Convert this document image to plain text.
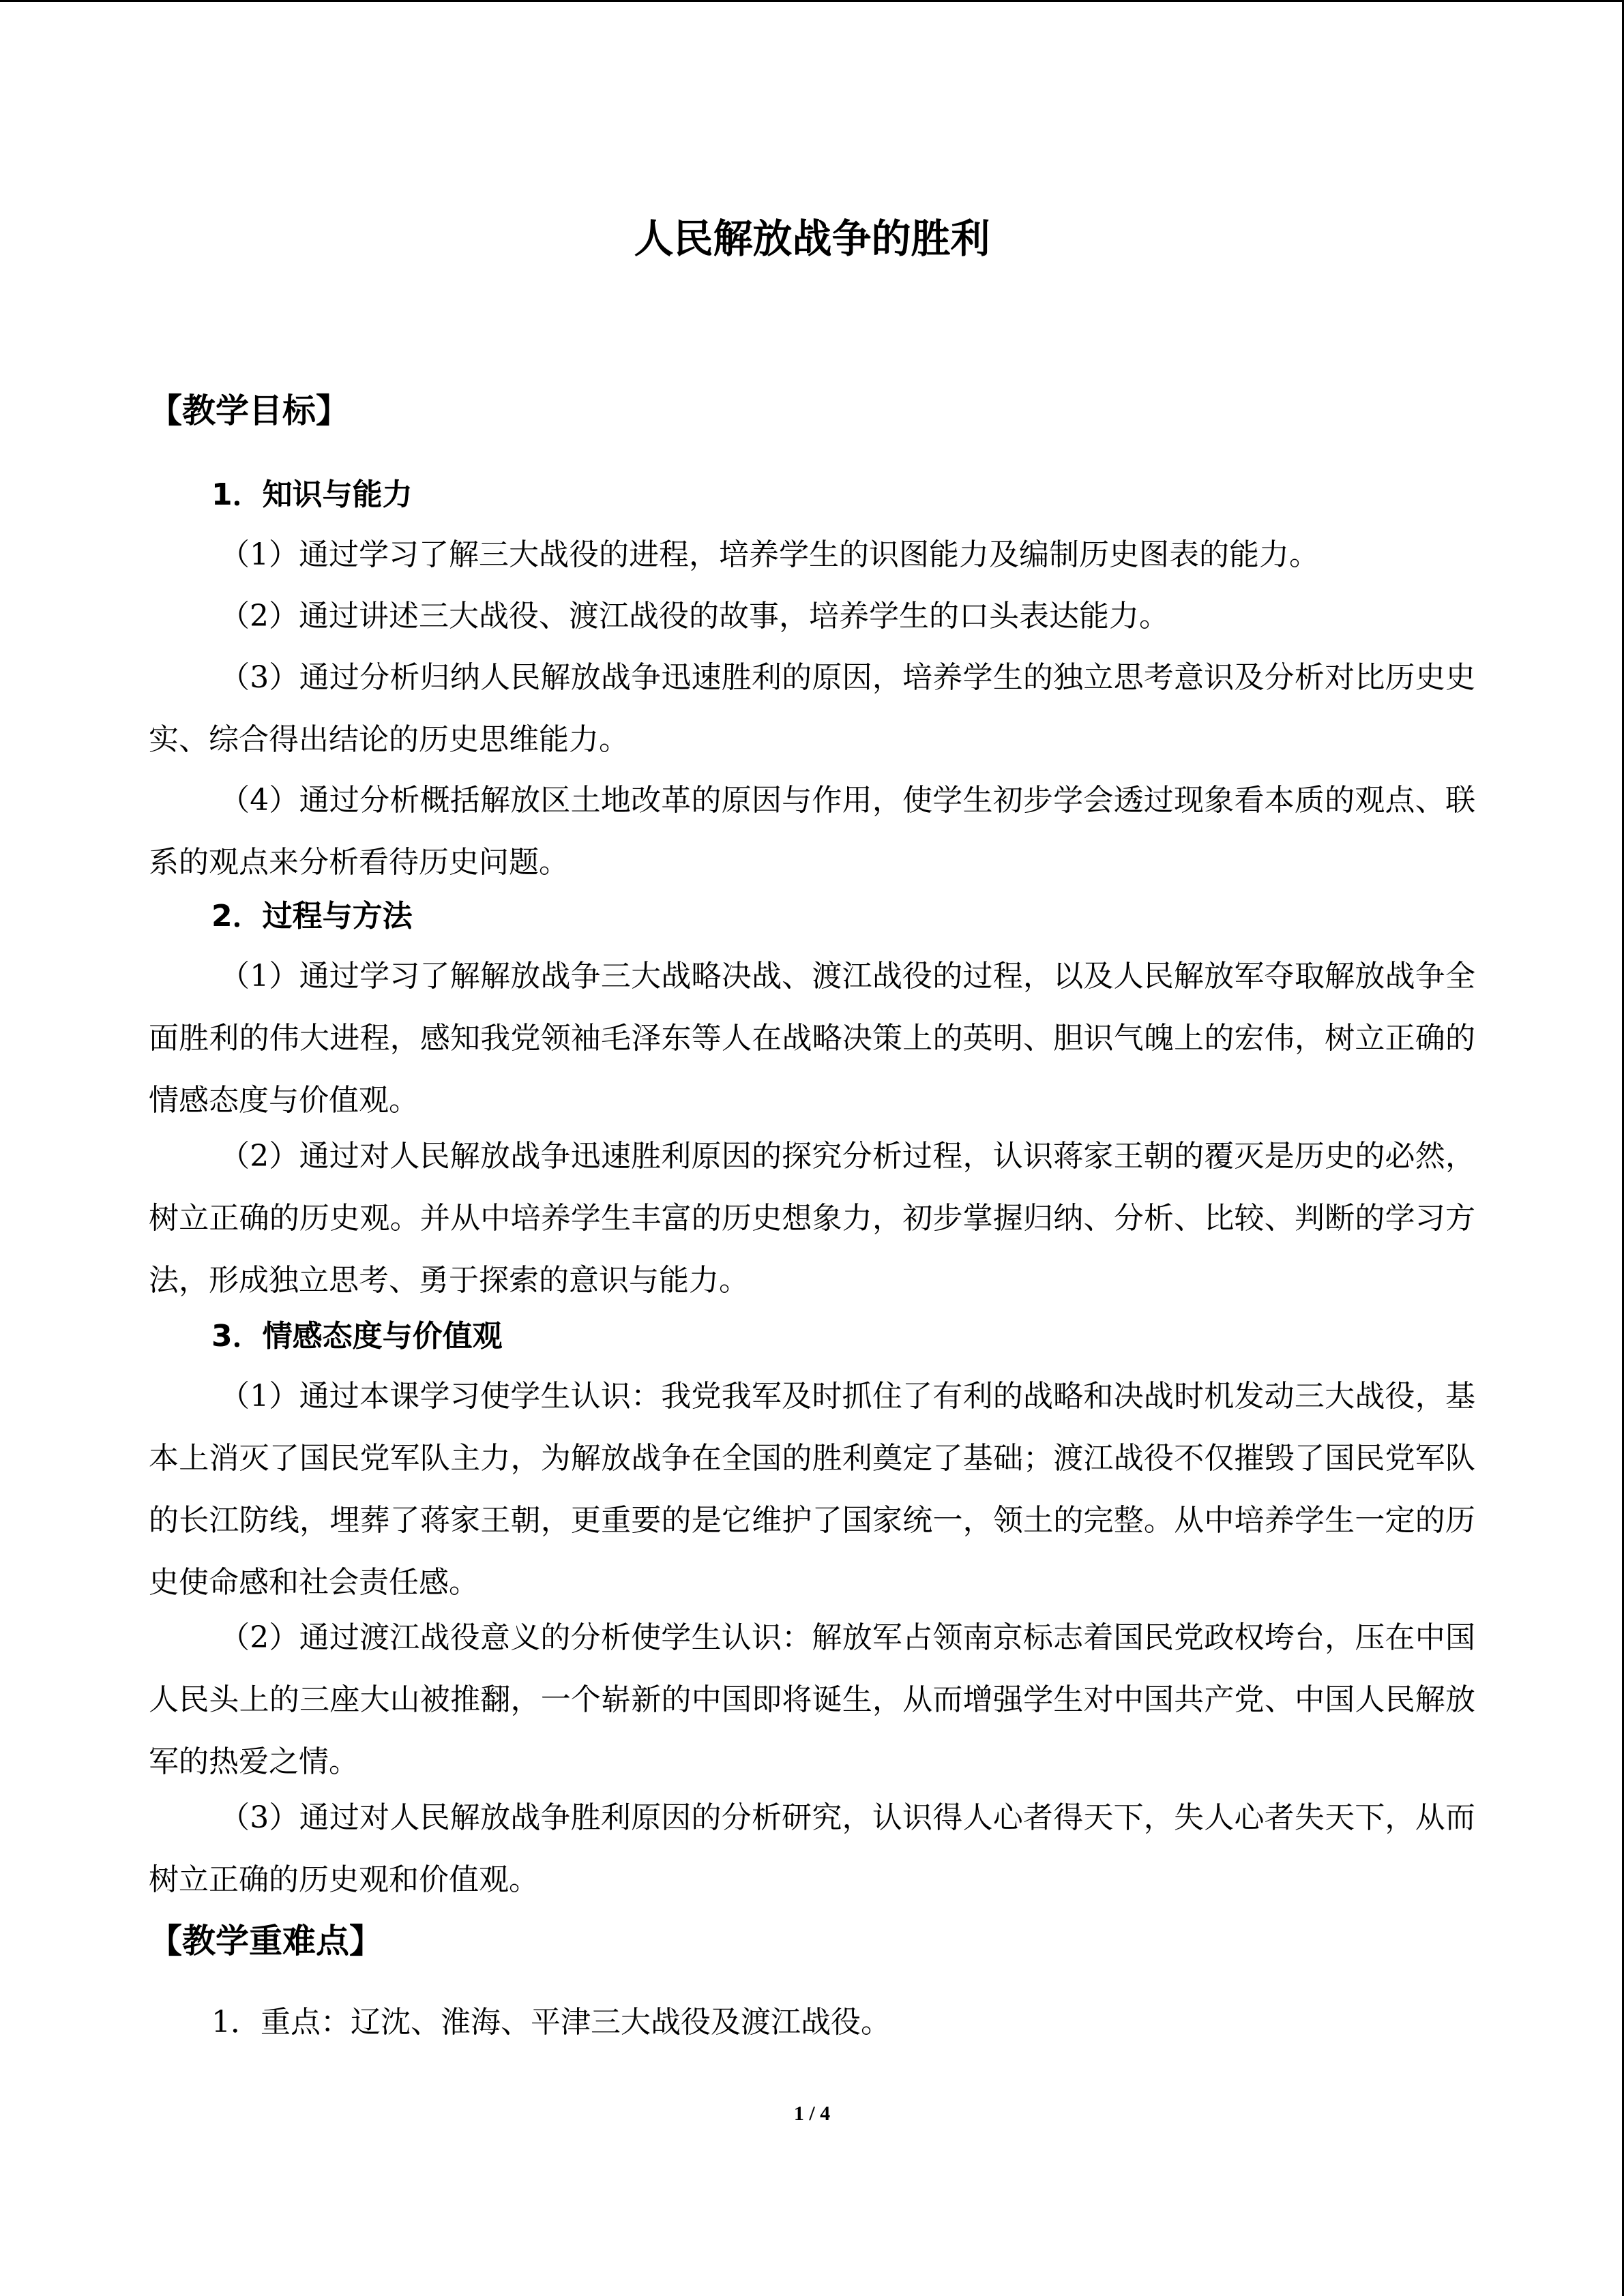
人民解放战争的胜利
【教学目标】
1．知识与能力

（1）通过学习了解三大战役的进程，培养学生的识图能力及编制历史图表的能力。

（2）通过讲述三大战役、渡江战役的故事，培养学生的口头表达能力。

（3）通过分析归纳人民解放战争迅速胜利的原因，培养学生的独立思考意识及分析对比历史史实、综合得出结论的历史思维能力。

（4）通过分析概括解放区土地改革的原因与作用，使学生初步学会透过现象看本质的观点、联系的观点来分析看待历史问题。

2．过程与方法

（1）通过学习了解解放战争三大战略决战、渡江战役的过程，以及人民解放军夺取解放战争全面胜利的伟大进程，感知我党领袖毛泽东等人在战略决策上的英明、胆识气魄上的宏伟，树立正确的情感态度与价值观。

（2）通过对人民解放战争迅速胜利原因的探究分析过程，认识蒋家王朝的覆灭是历史的必然，树立正确的历史观。并从中培养学生丰富的历史想象力，初步掌握归纳、分析、比较、判断的学习方法，形成独立思考、勇于探索的意识与能力。

3．情感态度与价值观

（1）通过本课学习使学生认识：我党我军及时抓住了有利的战略和决战时机发动三大战役，基本上消灭了国民党军队主力，为解放战争在全国的胜利奠定了基础；渡江战役不仅摧毁了国民党军队的长江防线，埋葬了蒋家王朝，更重要的是它维护了国家统一，领土的完整。从中培养学生一定的历史使命感和社会责任感。

（2）通过渡江战役意义的分析使学生认识：解放军占领南京标志着国民党政权垮台，压在中国人民头上的三座大山被推翻，一个崭新的中国即将诞生，从而增强学生对中国共产党、中国人民解放军的热爱之情。

（3）通过对人民解放战争胜利原因的分析研究，认识得人心者得天下，失人心者失天下，从而树立正确的历史观和价值观。

【教学重难点】
1．重点：辽沈、淮海、平津三大战役及渡江战役。
1 / 4
